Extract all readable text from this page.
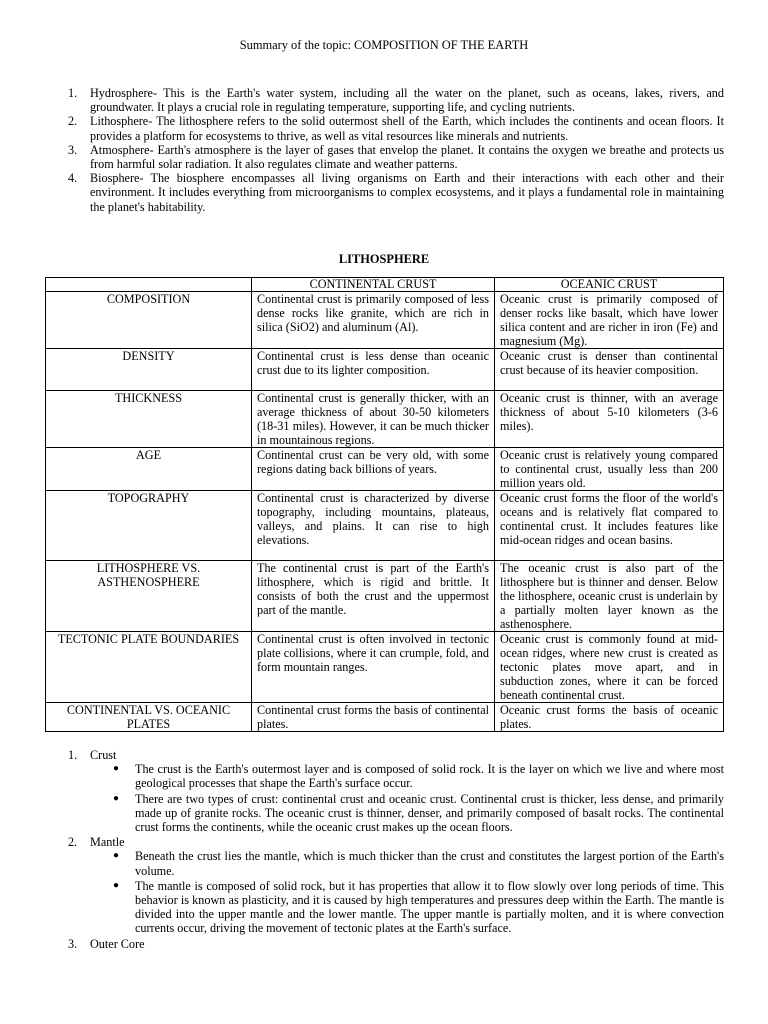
Summary of the topic: COMPOSITION OF THE EARTH
1. Hydrosphere- This is the Earth's water system, including all the water on the planet, such as oceans, lakes, rivers, and groundwater. It plays a crucial role in regulating temperature, supporting life, and cycling nutrients.
2. Lithosphere- The lithosphere refers to the solid outermost shell of the Earth, which includes the continents and ocean floors. It provides a platform for ecosystems to thrive, as well as vital resources like minerals and nutrients.
3. Atmosphere- Earth's atmosphere is the layer of gases that envelop the planet. It contains the oxygen we breathe and protects us from harmful solar radiation. It also regulates climate and weather patterns.
4. Biosphere- The biosphere encompasses all living organisms on Earth and their interactions with each other and their environment. It includes everything from microorganisms to complex ecosystems, and it plays a fundamental role in maintaining the planet's habitability.
LITHOSPHERE
	CONTINENTAL CRUST	OCEANIC CRUST
COMPOSITION	Continental crust is primarily composed of less dense rocks like granite, which are rich in silica (SiO2) and aluminum (Al).	Oceanic crust is primarily composed of denser rocks like basalt, which have lower silica content and are richer in iron (Fe) and magnesium (Mg).
DENSITY	Continental crust is less dense than oceanic crust due to its lighter composition.	Oceanic crust is denser than continental crust because of its heavier composition.
THICKNESS	Continental crust is generally thicker, with an average thickness of about 30-50 kilometers (18-31 miles). However, it can be much thicker in mountainous regions.	Oceanic crust is thinner, with an average thickness of about 5-10 kilometers (3-6 miles).
AGE	Continental crust can be very old, with some regions dating back billions of years.	Oceanic crust is relatively young compared to continental crust, usually less than 200 million years old.
TOPOGRAPHY	Continental crust is characterized by diverse topography, including mountains, plateaus, valleys, and plains. It can rise to high elevations.	Oceanic crust forms the floor of the world's oceans and is relatively flat compared to continental crust. It includes features like mid-ocean ridges and ocean basins.
LITHOSPHERE VS. ASTHENOSPHERE	The continental crust is part of the Earth's lithosphere, which is rigid and brittle. It consists of both the crust and the uppermost part of the mantle.	The oceanic crust is also part of the lithosphere but is thinner and denser. Below the lithosphere, oceanic crust is underlain by a partially molten layer known as the asthenosphere.
TECTONIC PLATE BOUNDARIES	Continental crust is often involved in tectonic plate collisions, where it can crumple, fold, and form mountain ranges.	Oceanic crust is commonly found at mid-ocean ridges, where new crust is created as tectonic plates move apart, and in subduction zones, where it can be forced beneath continental crust.
CONTINENTAL VS. OCEANIC PLATES	Continental crust forms the basis of continental plates.	Oceanic crust forms the basis of oceanic plates.
1. Crust
● The crust is the Earth's outermost layer and is composed of solid rock. It is the layer on which we live and where most geological processes that shape the Earth's surface occur.
● There are two types of crust: continental crust and oceanic crust. Continental crust is thicker, less dense, and primarily made up of granite rocks. The oceanic crust is thinner, denser, and primarily composed of basalt rocks. The continental crust forms the continents, while the oceanic crust makes up the ocean floors.
2. Mantle
● Beneath the crust lies the mantle, which is much thicker than the crust and constitutes the largest portion of the Earth's volume.
● The mantle is composed of solid rock, but it has properties that allow it to flow slowly over long periods of time. This behavior is known as plasticity, and it is caused by high temperatures and pressures deep within the Earth. The mantle is divided into the upper mantle and the lower mantle. The upper mantle is partially molten, and it is where convection currents occur, driving the movement of tectonic plates at the Earth's surface.
3. Outer Core
